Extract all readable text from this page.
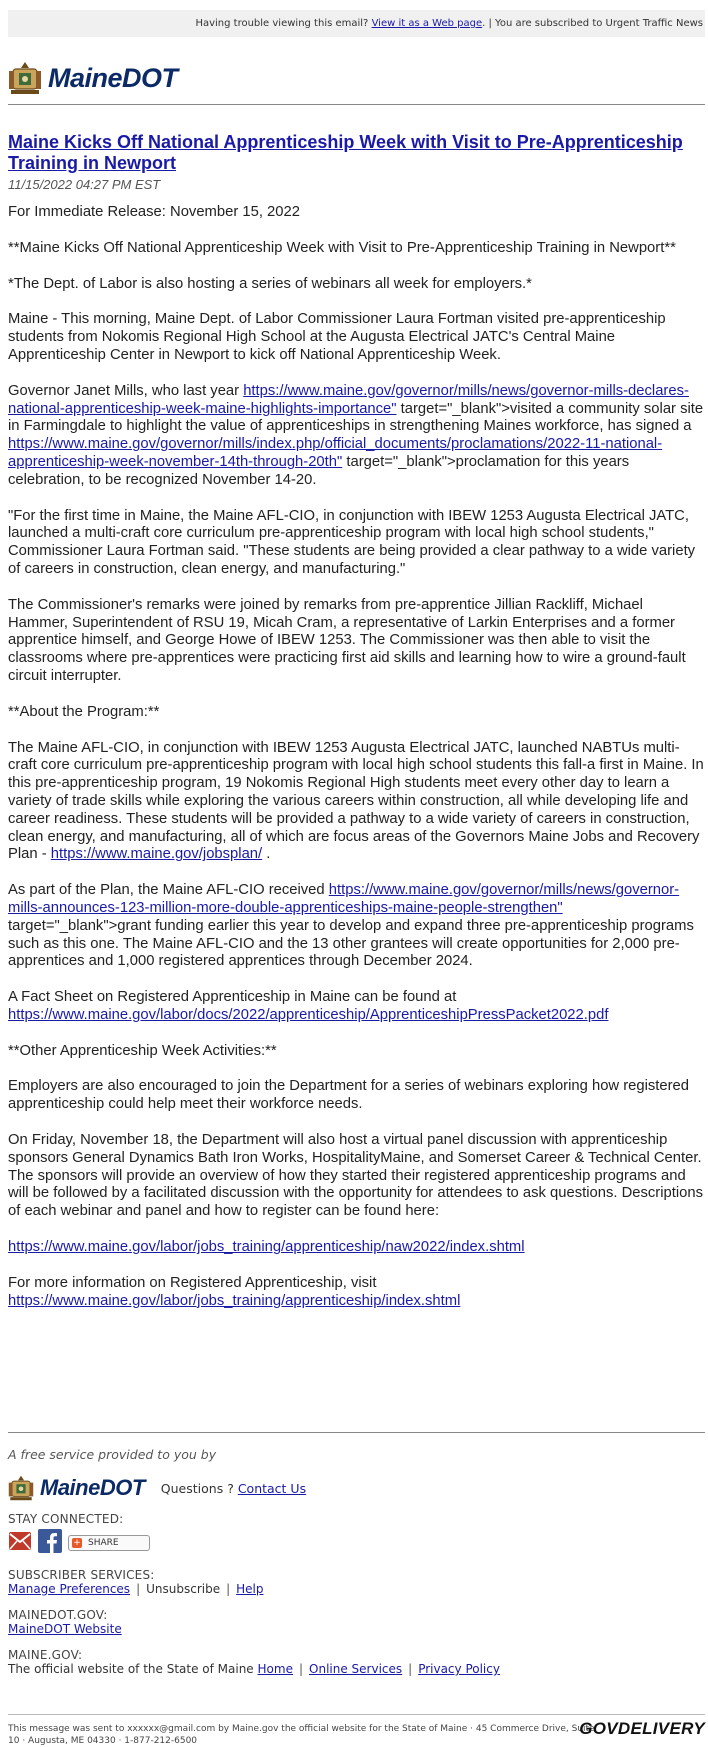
Having trouble viewing this email? View it as a Web page. | You are subscribed to Urgent Traffic News
MaineDOT
Maine Kicks Off National Apprenticeship Week with Visit to Pre-Apprenticeship Training in Newport
11/15/2022 04:27 PM EST

For Immediate Release: November 15, 2022

**Maine Kicks Off National Apprenticeship Week with Visit to Pre-Apprenticeship Training in Newport**

*The Dept. of Labor is also hosting a series of webinars all week for employers.*

Maine - This morning, Maine Dept. of Labor Commissioner Laura Fortman visited pre-apprenticeship students from Nokomis Regional High School at the Augusta Electrical JATC's Central Maine Apprenticeship Center in Newport to kick off National Apprenticeship Week.

Governor Janet Mills, who last year https://www.maine.gov/governor/mills/news/governor-mills-declares-national-apprenticeship-week-maine-highlights-importance" target="_blank">visited a community solar site in Farmingdale to highlight the value of apprenticeships in strengthening Maines workforce, has signed a https://www.maine.gov/governor/mills/index.php/official_documents/proclamations/2022-11-national-apprenticeship-week-november-14th-through-20th" target="_blank">proclamation for this years celebration, to be recognized November 14-20.

"For the first time in Maine, the Maine AFL-CIO, in conjunction with IBEW 1253 Augusta Electrical JATC, launched a multi-craft core curriculum pre-apprenticeship program with local high school students," Commissioner Laura Fortman said. "These students are being provided a clear pathway to a wide variety of careers in construction, clean energy, and manufacturing."

The Commissioner's remarks were joined by remarks from pre-apprentice Jillian Rackliff, Michael Hammer, Superintendent of RSU 19, Micah Cram, a representative of Larkin Enterprises and a former apprentice himself, and George Howe of IBEW 1253. The Commissioner was then able to visit the classrooms where pre-apprentices were practicing first aid skills and learning how to wire a ground-fault circuit interrupter.

**About the Program:**

The Maine AFL-CIO, in conjunction with IBEW 1253 Augusta Electrical JATC, launched NABTUs multi-craft core curriculum pre-apprenticeship program with local high school students this fall-a first in Maine. In this pre-apprenticeship program, 19 Nokomis Regional High students meet every other day to learn a variety of trade skills while exploring the various careers within construction, all while developing life and career readiness. These students will be provided a pathway to a wide variety of careers in construction, clean energy, and manufacturing, all of which are focus areas of the Governors Maine Jobs and Recovery Plan - https://www.maine.gov/jobsplan/ .

As part of the Plan, the Maine AFL-CIO received https://www.maine.gov/governor/mills/news/governor-mills-announces-123-million-more-double-apprenticeships-maine-people-strengthen" target="_blank">grant funding earlier this year to develop and expand three pre-apprenticeship programs such as this one. The Maine AFL-CIO and the 13 other grantees will create opportunities for 2,000 pre-apprentices and 1,000 registered apprentices through December 2024.

A Fact Sheet on Registered Apprenticeship in Maine can be found at https://www.maine.gov/labor/docs/2022/apprenticeship/ApprenticeshipPressPacket2022.pdf

**Other Apprenticeship Week Activities:**

Employers are also encouraged to join the Department for a series of webinars exploring how registered apprenticeship could help meet their workforce needs.

On Friday, November 18, the Department will also host a virtual panel discussion with apprenticeship sponsors General Dynamics Bath Iron Works, HospitalityMaine, and Somerset Career & Technical Center. The sponsors will provide an overview of how they started their registered apprenticeship programs and will be followed by a facilitated discussion with the opportunity for attendees to ask questions. Descriptions of each webinar and panel and how to register can be found here:

https://www.maine.gov/labor/jobs_training/apprenticeship/naw2022/index.shtml

For more information on Registered Apprenticeship, visit https://www.maine.gov/labor/jobs_training/apprenticeship/index.shtml

A free service provided to you by
MaineDOT Questions ? Contact Us
STAY CONNECTED:
+ SHARE
SUBSCRIBER SERVICES:
Manage Preferences | Unsubscribe | Help
MAINEDOT.GOV:
MaineDOT Website
MAINE.GOV:
The official website of the State of Maine Home | Online Services | Privacy Policy
This message was sent to xxxxxx@gmail.com by Maine.gov the official website for the State of Maine · 45 Commerce Drive, Suite 10 · Augusta, ME 04330 · 1-877-212-6500
GOVDELIVERY
